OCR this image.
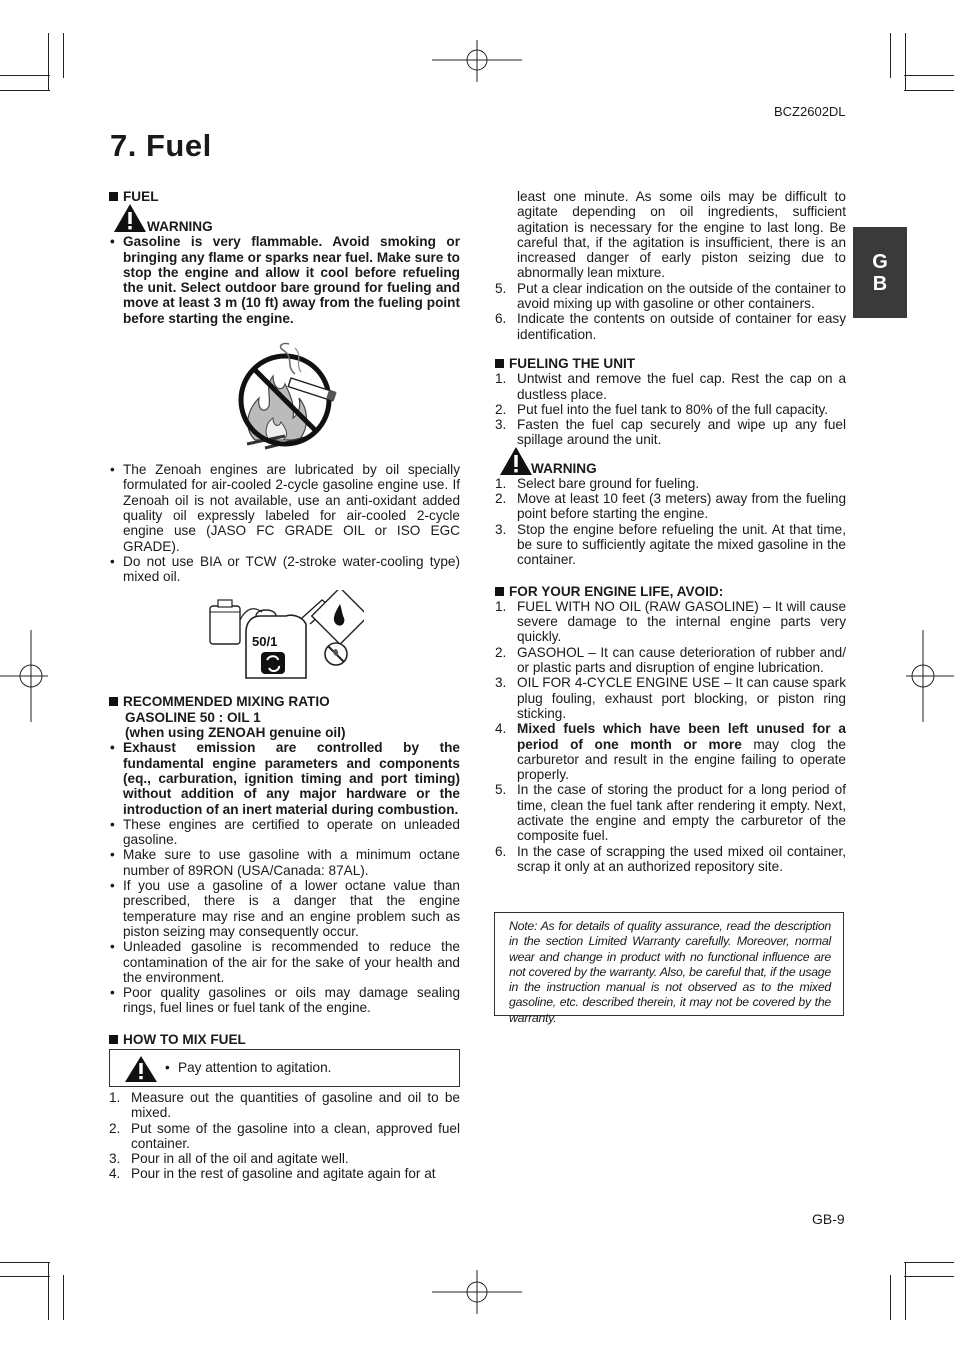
BCZ2602DL
7. Fuel
G
B

FUEL

WARNING

• Gasoline is very flammable. Avoid smoking or bringing any flame or sparks near fuel. Make sure to stop the engine and allow it cool before refueling the unit. Select outdoor bare ground for fueling and move at least 3 m (10 ft) away from the fueling point before starting the engine.

• The Zenoah engines are lubricated by oil specially formulated for air-cooled 2-cycle gasoline engine use. If Zenoah oil is not available, use an anti-oxidant added quality oil expressly labeled for air-cooled 2-cycle engine use (JASO FC GRADE OIL or ISO EGC GRADE).

• Do not use BIA or TCW (2-stroke water-cooling type) mixed oil.

50/1

RECOMMENDED MIXING RATIO

GASOLINE 50 : OIL 1

(when using ZENOAH genuine oil)

• Exhaust emission are controlled by the fundamental engine parameters and components (eq., carburation, ignition timing and port timing) without addition of any major hardware or the introduction of an inert material during combustion.

• These engines are certified to operate on unleaded gasoline.

• Make sure to use gasoline with a minimum octane number of 89RON (USA/Canada: 87AL).

• If you use a gasoline of a lower octane value than prescribed, there is a danger that the engine temperature may rise and an engine problem such as piston seizing may consequently occur.

• Unleaded gasoline is recommended to reduce the contamination of the air for the sake of your health and the environment.

• Poor quality gasolines or oils may damage sealing rings, fuel lines or fuel tank of the engine.

HOW TO MIX FUEL

• Pay attention to agitation.

1. Measure out the quantities of gasoline and oil to be mixed.

2. Put some of the gasoline into a clean, approved fuel container.

3. Pour in all of the oil and agitate well.

4. Pour in the rest of gasoline and agitate again for at

least one minute. As some oils may be difficult to agitate depending on oil ingredients, sufficient agitation is necessary for the engine to last long. Be careful that, if the agitation is insufficient, there is an increased danger of early piston seizing due to abnormally lean mixture.

5. Put a clear indication on the outside of the container to avoid mixing up with gasoline or other containers.

6. Indicate the contents on outside of container for easy identification.

FUELING THE UNIT

1. Untwist and remove the fuel cap. Rest the cap on a dustless place.

2. Put fuel into the fuel tank to 80% of the full capacity.

3. Fasten the fuel cap securely and wipe up any fuel spillage around the unit.

WARNING

1. Select bare ground for fueling.

2. Move at least 10 feet (3 meters) away from the fueling point before starting the engine.

3. Stop the engine before refueling the unit. At that time, be sure to sufficiently agitate the mixed gasoline in the container.

FOR YOUR ENGINE LIFE, AVOID:

1. FUEL WITH NO OIL (RAW GASOLINE) – It will cause severe damage to the internal engine parts very quickly.

2. GASOHOL – It can cause deterioration of rubber and/ or plastic parts and disruption of engine lubrication.

3. OIL FOR 4-CYCLE ENGINE USE – It can cause spark plug fouling, exhaust port blocking, or piston ring sticking.

4. Mixed fuels which have been left unused for a period of one month or more may clog the carburetor and result in the engine failing to operate properly.

5. In the case of storing the product for a long period of time, clean the fuel tank after rendering it empty. Next, activate the engine and empty the carburetor of the composite fuel.

6. In the case of scrapping the used mixed oil container, scrap it only at an authorized repository site.

Note: As for details of quality assurance, read the description in the section Limited Warranty carefully. Moreover, normal wear and change in product with no functional influence are not covered by the warranty. Also, be careful that, if the usage in the instruction manual is not observed as to the mixed gasoline, etc. described therein, it may not be covered by the warranty.
GB-9
